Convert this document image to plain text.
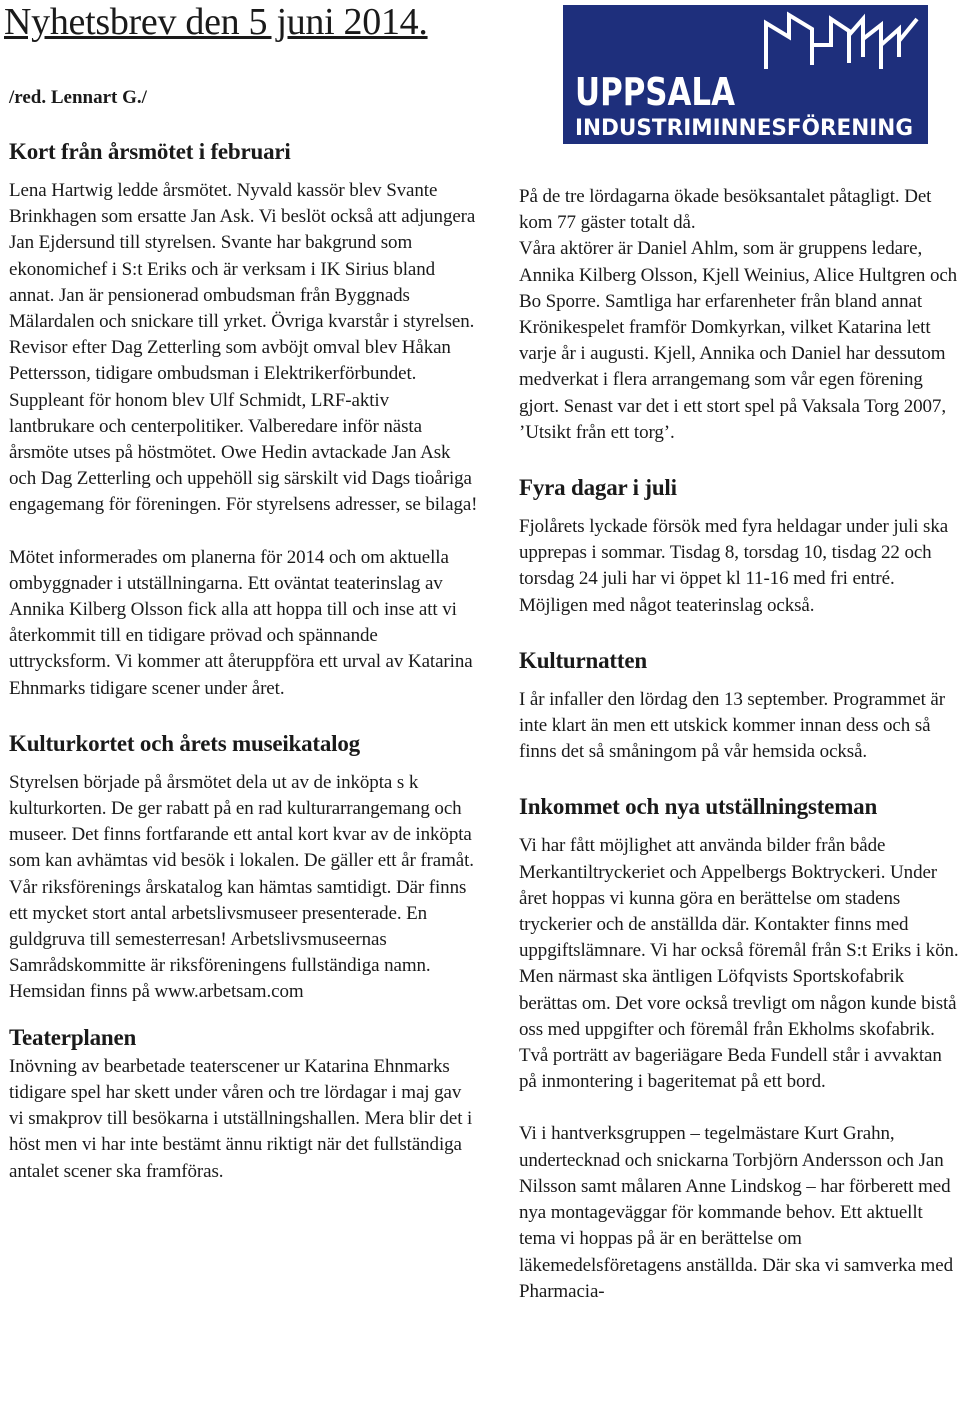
Nyhetsbrev den 5 juni 2014.
/red. Lennart G./	UPPSALA
INDUSTRIMINNESFÖRENING
Kort från årsmötet i februari

Lena Hartwig ledde årsmötet. Nyvald kassör blev Svante Brinkhagen som ersatte Jan Ask. Vi beslöt också att adjungera Jan Ejdersund till styrelsen. Svante har bakgrund som ekonomichef i S:t Eriks och är verksam i IK Sirius bland annat. Jan är pensionerad ombudsman från Byggnads Mälardalen och snickare till yrket. Övriga kvarstår i styrelsen. Revisor efter Dag Zetterling som avböjt omval blev Håkan Pettersson, tidigare ombudsman i Elektrikerförbundet. Suppleant för honom blev Ulf Schmidt, LRF-aktiv lantbrukare och centerpolitiker. Valberedare inför nästa årsmöte utses på höstmötet. Owe Hedin avtackade Jan Ask och Dag Zetterling och uppehöll sig särskilt vid Dags tioåriga engagemang för föreningen. För styrelsens adresser, se bilaga!

Mötet informerades om planerna för 2014 och om aktuella ombyggnader i utställningarna. Ett oväntat teaterinslag av Annika Kilberg Olsson fick alla att hoppa till och inse att vi återkommit till en tidigare prövad och spännande uttrycksform. Vi kommer att återuppföra ett urval av Katarina Ehnmarks tidigare scener under året.

Kulturkortet och årets museikatalog

Styrelsen började på årsmötet dela ut av de inköpta s k kulturkorten. De ger rabatt på en rad kulturarrangemang och museer. Det finns fortfarande ett antal kort kvar av de inköpta som kan avhämtas vid besök i lokalen. De gäller ett år framåt. Vår riksförenings årskatalog kan hämtas samtidigt. Där finns ett mycket stort antal arbetslivsmuseer presenterade. En guldgruva till semesterresan! Arbetslivsmuseernas Samrådskommitte är riksföreningens fullständiga namn. Hemsidan finns på www.arbetsam.com

Teaterplanen

Inövning av bearbetade teaterscener ur Katarina Ehnmarks tidigare spel har skett under våren och tre lördagar i maj gav vi smakprov till besökarna i utställningshallen. Mera blir det i höst men vi har inte bestämt ännu riktigt när det fullständiga antalet scener ska framföras.

På de tre lördagarna ökade besöksantalet påtagligt. Det kom 77 gäster totalt då.

Våra aktörer är Daniel Ahlm, som är gruppens ledare, Annika Kilberg Olsson, Kjell Weinius, Alice Hultgren och Bo Sporre. Samtliga har erfarenheter från bland annat Krönikespelet framför Domkyrkan, vilket Katarina lett varje år i augusti. Kjell, Annika och Daniel har dessutom medverkat i flera arrangemang som vår egen förening gjort. Senast var det i ett stort spel på Vaksala Torg 2007, ’Utsikt från ett torg’.

Fyra dagar i juli

Fjolårets lyckade försök med fyra heldagar under juli ska upprepas i sommar. Tisdag 8, torsdag 10, tisdag 22 och torsdag 24 juli har vi öppet kl 11-16 med fri entré. Möjligen med något teaterinslag också.

Kulturnatten

I år infaller den lördag den 13 september. Programmet är inte klart än men ett utskick kommer innan dess och så finns det så småningom på vår hemsida också.

Inkommet och nya utställningsteman

Vi har fått möjlighet att använda bilder från både Merkantiltryckeriet och Appelbergs Boktryckeri. Under året hoppas vi kunna göra en berättelse om stadens tryckerier och de anställda där. Kontakter finns med uppgiftslämnare. Vi har också föremål från S:t Eriks i kön. Men närmast ska äntligen Löfqvists Sportskofabrik berättas om. Det vore också trevligt om någon kunde bistå oss med uppgifter och föremål från Ekholms skofabrik. Två porträtt av bageriägare Beda Fundell står i avvaktan på inmontering i bageritemat på ett bord.

Vi i hantverksgruppen – tegelmästare Kurt Grahn, undertecknad och snickarna Torbjörn Andersson och Jan Nilsson samt målaren Anne Lindskog – har förberett med nya montageväggar för kommande behov. Ett aktuellt tema vi hoppas på är en berättelse om läkemedelsföretagens anställda. Där ska vi samverka med Pharmacia-
